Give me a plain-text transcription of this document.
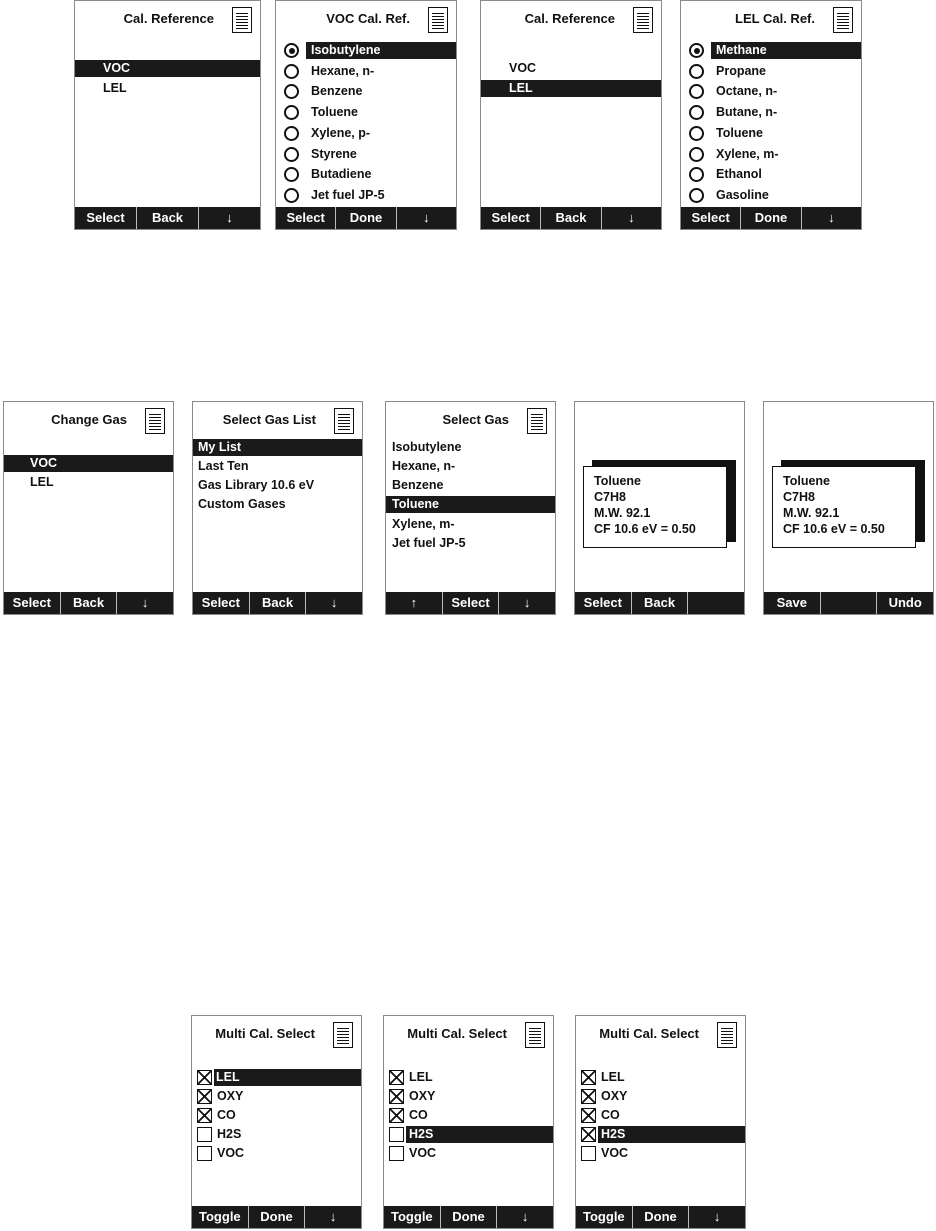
Cal. Reference
VOC
LEL
Select	Back	↓
VOC Cal. Ref.
Isobutylene
Hexane, n-
Benzene
Toluene
Xylene, p-
Styrene
Butadiene
Jet fuel JP-5
Select	Done	↓
Cal. Reference
VOC
LEL
Select	Back	↓
LEL Cal. Ref.
Methane
Propane
Octane, n-
Butane, n-
Toluene
Xylene, m-
Ethanol
Gasoline
Select	Done	↓
Change Gas
VOC
LEL
Select	Back	↓
Select Gas List
My List
Last Ten
Gas Library 10.6 eV
Custom Gases
Select	Back	↓
Select Gas
Isobutylene
Hexane, n-
Benzene
Toluene
Xylene, m-
Jet fuel JP-5
↑	Select	↓
Toluene
C7H8
M.W. 92.1
CF 10.6 eV = 0.50
Select	Back
Toluene
C7H8
M.W. 92.1
CF 10.6 eV = 0.50
Save	Undo
Multi Cal. Select
LEL
OXY
CO
H2S
VOC
Toggle	Done	↓
Multi Cal. Select
LEL
OXY
CO
H2S
VOC
Toggle	Done	↓
Multi Cal. Select
LEL
OXY
CO
H2S
VOC
Toggle	Done	↓
